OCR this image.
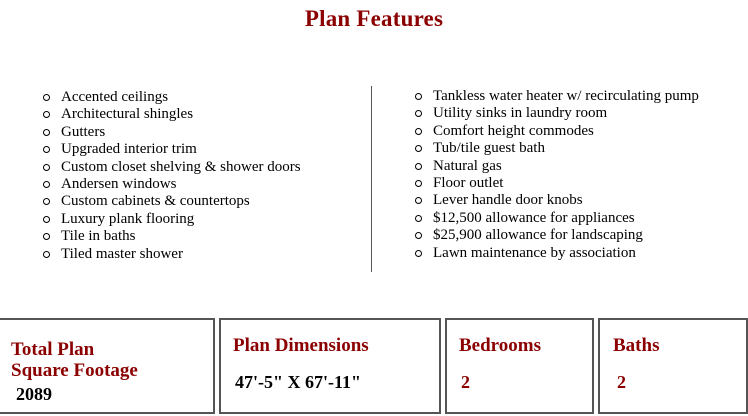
Plan Features
Accented ceilings
Architectural shingles
Gutters
Upgraded interior trim
Custom closet shelving & shower doors
Andersen windows
Custom cabinets & countertops
Luxury plank flooring
Tile in baths
Tiled master shower
Tankless water heater w/ recirculating pump
Utility sinks in laundry room
Comfort height commodes
Tub/tile guest bath
Natural gas
Floor outlet
Lever handle door knobs
$12,500 allowance for appliances
$25,900 allowance for landscaping
Lawn maintenance by association
Total Plan
Square Footage
2089
Plan Dimensions
47'-5" X 67'-11"
Bedrooms
2
Baths
2
